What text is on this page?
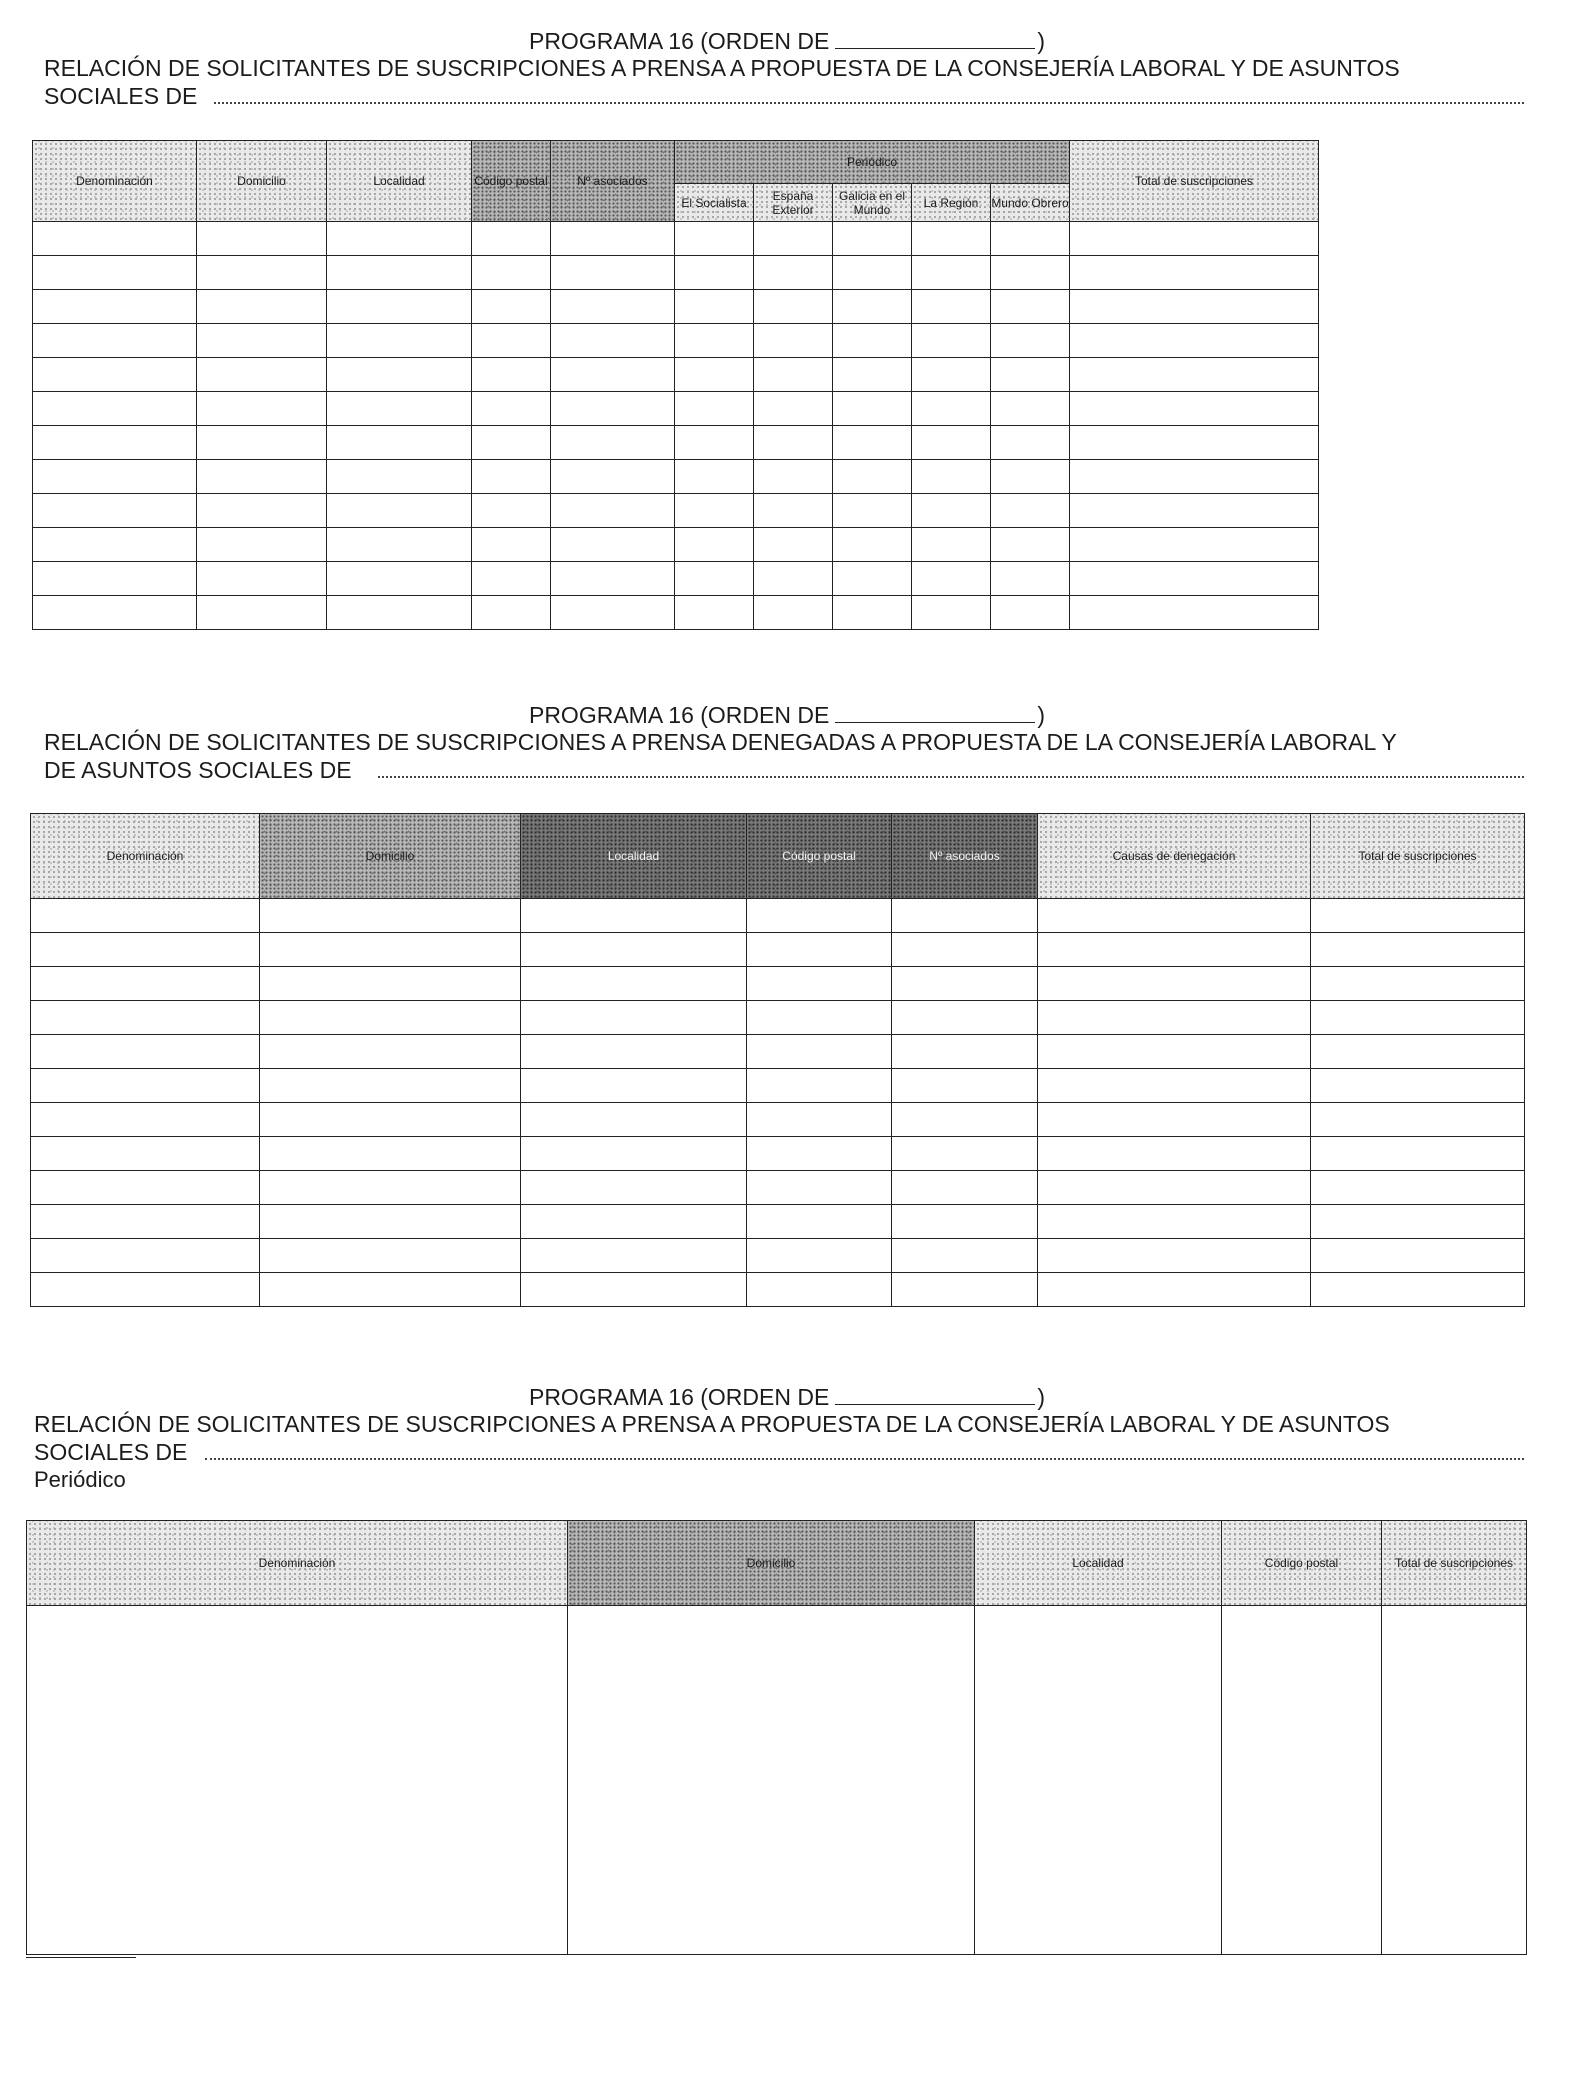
PROGRAMA 16 (ORDEN DE	)
RELACIÓN DE SOLICITANTES DE SUSCRIPCIONES A PRENSA A PROPUESTA DE LA CONSEJERÍA LABORAL Y DE ASUNTOS
SOCIALES DE
Denominación	Domicilio	Localidad	Código postal	Nº asociados	Periódico					Total de suscripciones
					El Socialista	España Exterior	Galicia en el Mundo	La Región	Mundo Obrero	

PROGRAMA 16 (ORDEN DE	)
RELACIÓN DE SOLICITANTES DE SUSCRIPCIONES A PRENSA DENEGADAS A PROPUESTA DE LA CONSEJERÍA LABORAL Y
DE ASUNTOS SOCIALES DE
Denominación	Domicilio	Localidad	Código postal	Nº asociados	Causas de denegación	Total de suscripciones

PROGRAMA 16 (ORDEN DE	)
RELACIÓN DE SOLICITANTES DE SUSCRIPCIONES A PRENSA A PROPUESTA DE LA CONSEJERÍA LABORAL Y DE ASUNTOS
SOCIALES DE
Periódico
Denominación	Domicilio	Localidad	Código postal	Total de suscripciones
